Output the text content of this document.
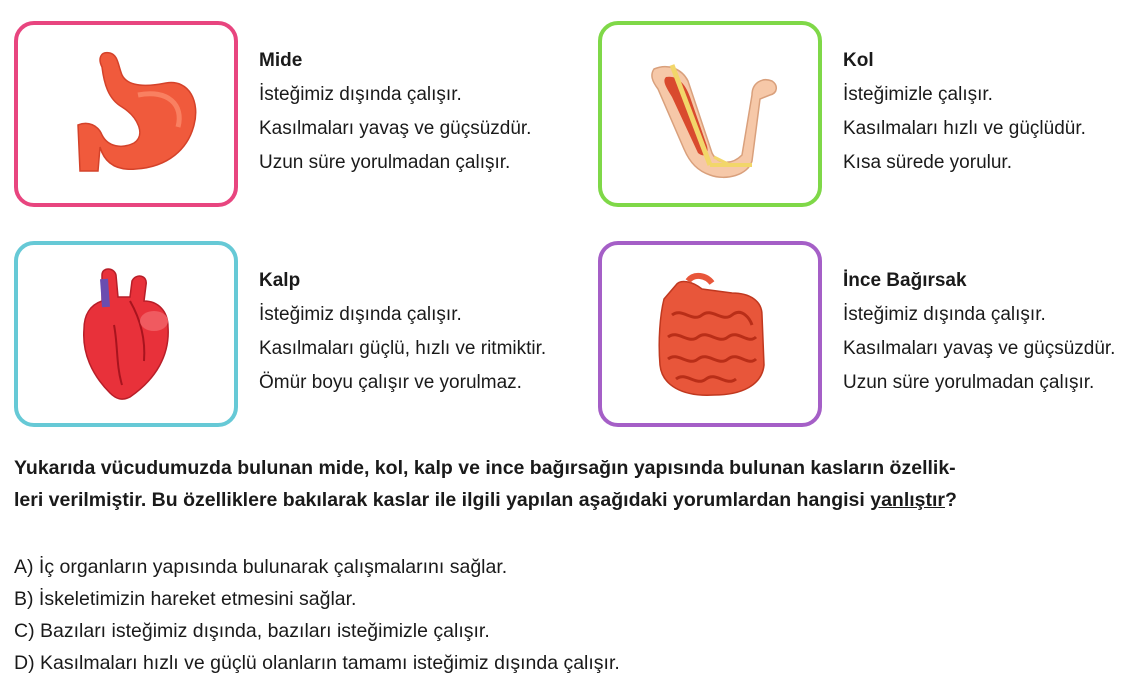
Mide
İsteğimiz dışında çalışır.
Kasılmaları yavaş ve güçsüzdür.
Uzun süre yorulmadan çalışır.
Kol
İsteğimizle çalışır.
Kasılmaları hızlı ve güçlüdür.
Kısa sürede yorulur.
Kalp
İsteğimiz dışında çalışır.
Kasılmaları güçlü, hızlı ve ritmiktir.
Ömür boyu çalışır ve yorulmaz.
İnce Bağırsak
İsteğimiz dışında çalışır.
Kasılmaları yavaş ve güçsüzdür.
Uzun süre yorulmadan çalışır.
Yukarıda vücudumuzda bulunan mide, kol, kalp ve ince bağırsağın yapısında bulunan kasların özellik-
leri verilmiştir. Bu özelliklere bakılarak kaslar ile ilgili yapılan aşağıdaki yorumlardan hangisi yanlıştır?
A) İç organların yapısında bulunarak çalışmalarını sağlar.
B) İskeletimizin hareket etmesini sağlar.
C) Bazıları isteğimiz dışında, bazıları isteğimizle çalışır.
D) Kasılmaları hızlı ve güçlü olanların tamamı isteğimiz dışında çalışır.
